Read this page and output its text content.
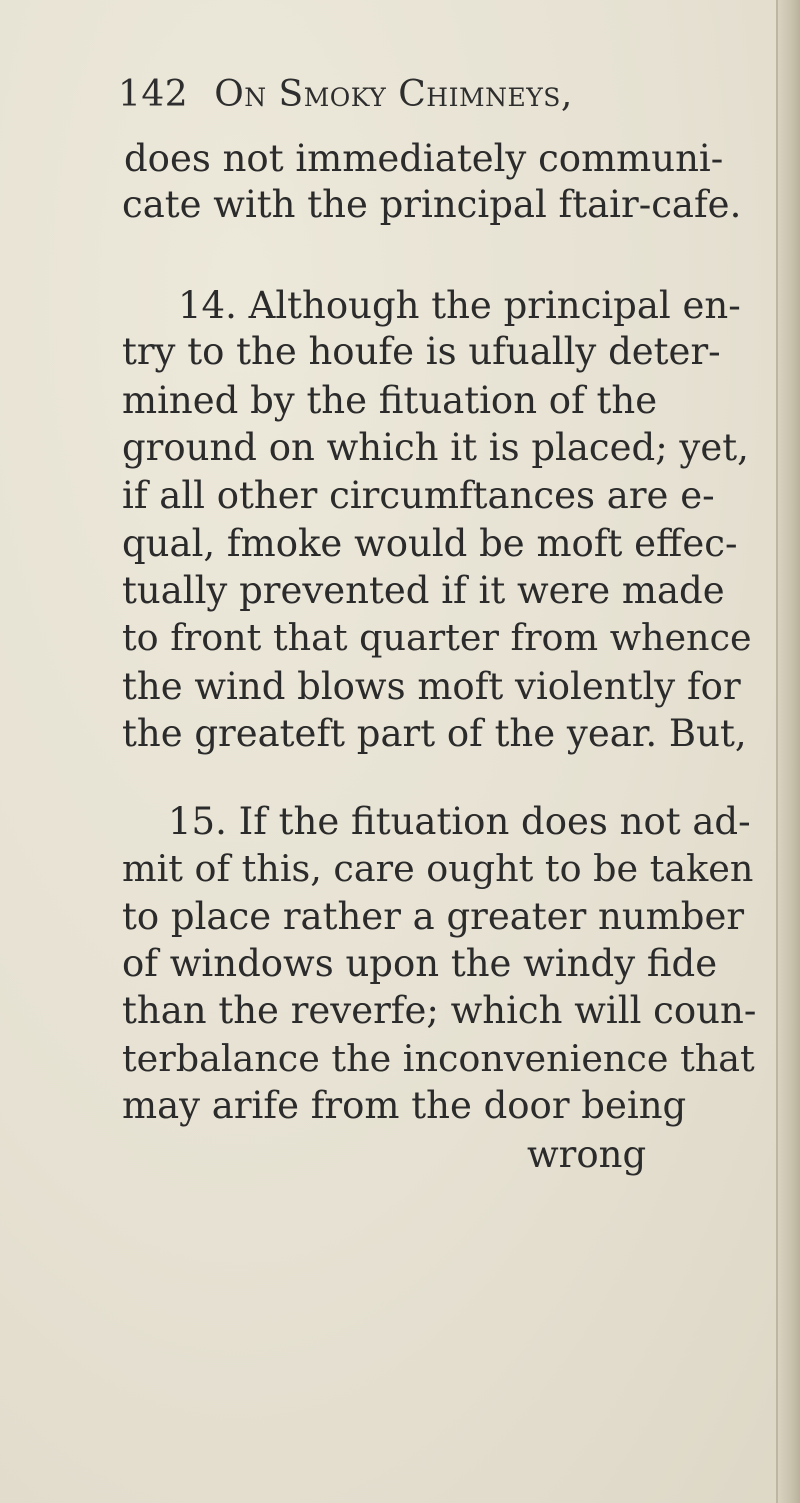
142 On Smoky Chimneys,
does not immediately communi-
cate with the principal ftair-cafe.
14. Although the principal en-
try to the houfe is ufually deter-
mined by the fituation of the
ground on which it is placed; yet,
if all other circumftances are e-
qual, fmoke would be moft effec-
tually prevented if it were made
to front that quarter from whence
the wind blows moft violently for
the greateft part of the year. But,
15. If the fituation does not ad-
mit of this, care ought to be taken
to place rather a greater number
of windows upon the windy fide
than the reverfe; which will coun-
terbalance the inconvenience that
may arife from the door being
wrong
